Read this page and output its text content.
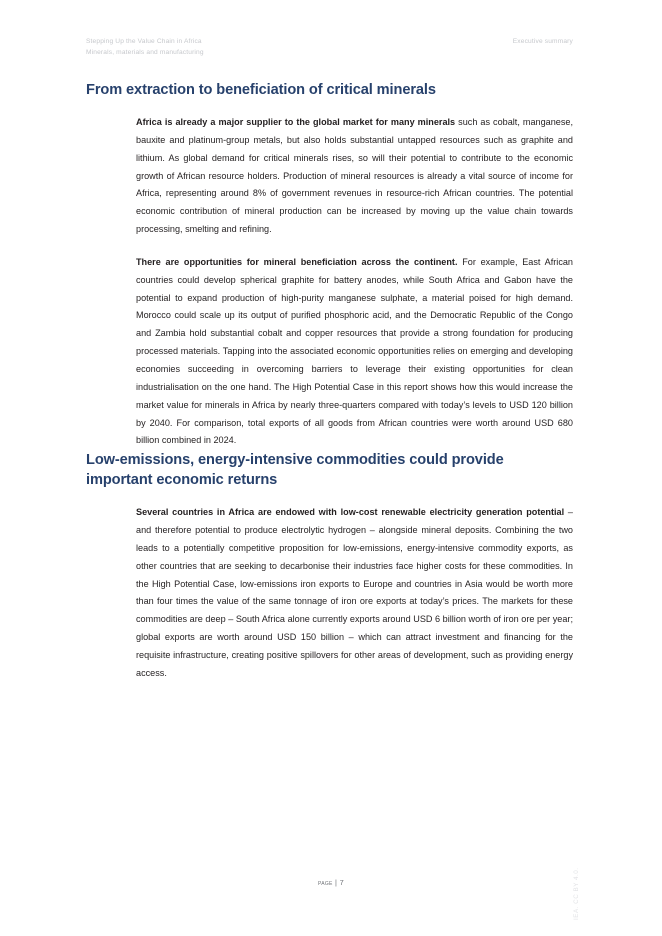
Stepping Up the Value Chain in Africa
Minerals, materials and manufacturing
Executive summary
From extraction to beneficiation of critical minerals

Africa is already a major supplier to the global market for many minerals such as cobalt, manganese, bauxite and platinum-group metals, but also holds substantial untapped resources such as graphite and lithium. As global demand for critical minerals rises, so will their potential to contribute to the economic growth of African resource holders. Production of mineral resources is already a vital source of income for Africa, representing around 8% of government revenues in resource-rich African countries. The potential economic contribution of mineral production can be increased by moving up the value chain towards processing, smelting and refining.

There are opportunities for mineral beneficiation across the continent. For example, East African countries could develop spherical graphite for battery anodes, while South Africa and Gabon have the potential to expand production of high-purity manganese sulphate, a material poised for high demand. Morocco could scale up its output of purified phosphoric acid, and the Democratic Republic of the Congo and Zambia hold substantial cobalt and copper resources that provide a strong foundation for producing processed materials. Tapping into the associated economic opportunities relies on emerging and developing economies succeeding in overcoming barriers to leverage their existing opportunities for clean industrialisation on the one hand. The High Potential Case in this report shows how this would increase the market value for minerals in Africa by nearly three-quarters compared with today’s levels to USD 120 billion by 2040. For comparison, total exports of all goods from African countries were worth around USD 680 billion combined in 2024.

Low-emissions, energy-intensive commodities could provide important economic returns

Several countries in Africa are endowed with low-cost renewable electricity generation potential – and therefore potential to produce electrolytic hydrogen – alongside mineral deposits. Combining the two leads to a potentially competitive proposition for low-emissions, energy-intensive commodity exports, as other countries that are seeking to decarbonise their industries face higher costs for these commodities. In the High Potential Case, low-emissions iron exports to Europe and countries in Asia would be worth more than four times the value of the same tonnage of iron ore exports at today’s prices. The markets for these commodities are deep – South Africa alone currently exports around USD 6 billion worth of iron ore per year; global exports are worth around USD 150 billion – which can attract investment and financing for the requisite infrastructure, creating positive spillovers for other areas of development, such as providing energy access.

IEA. CC BY 4.0.
page | 7
